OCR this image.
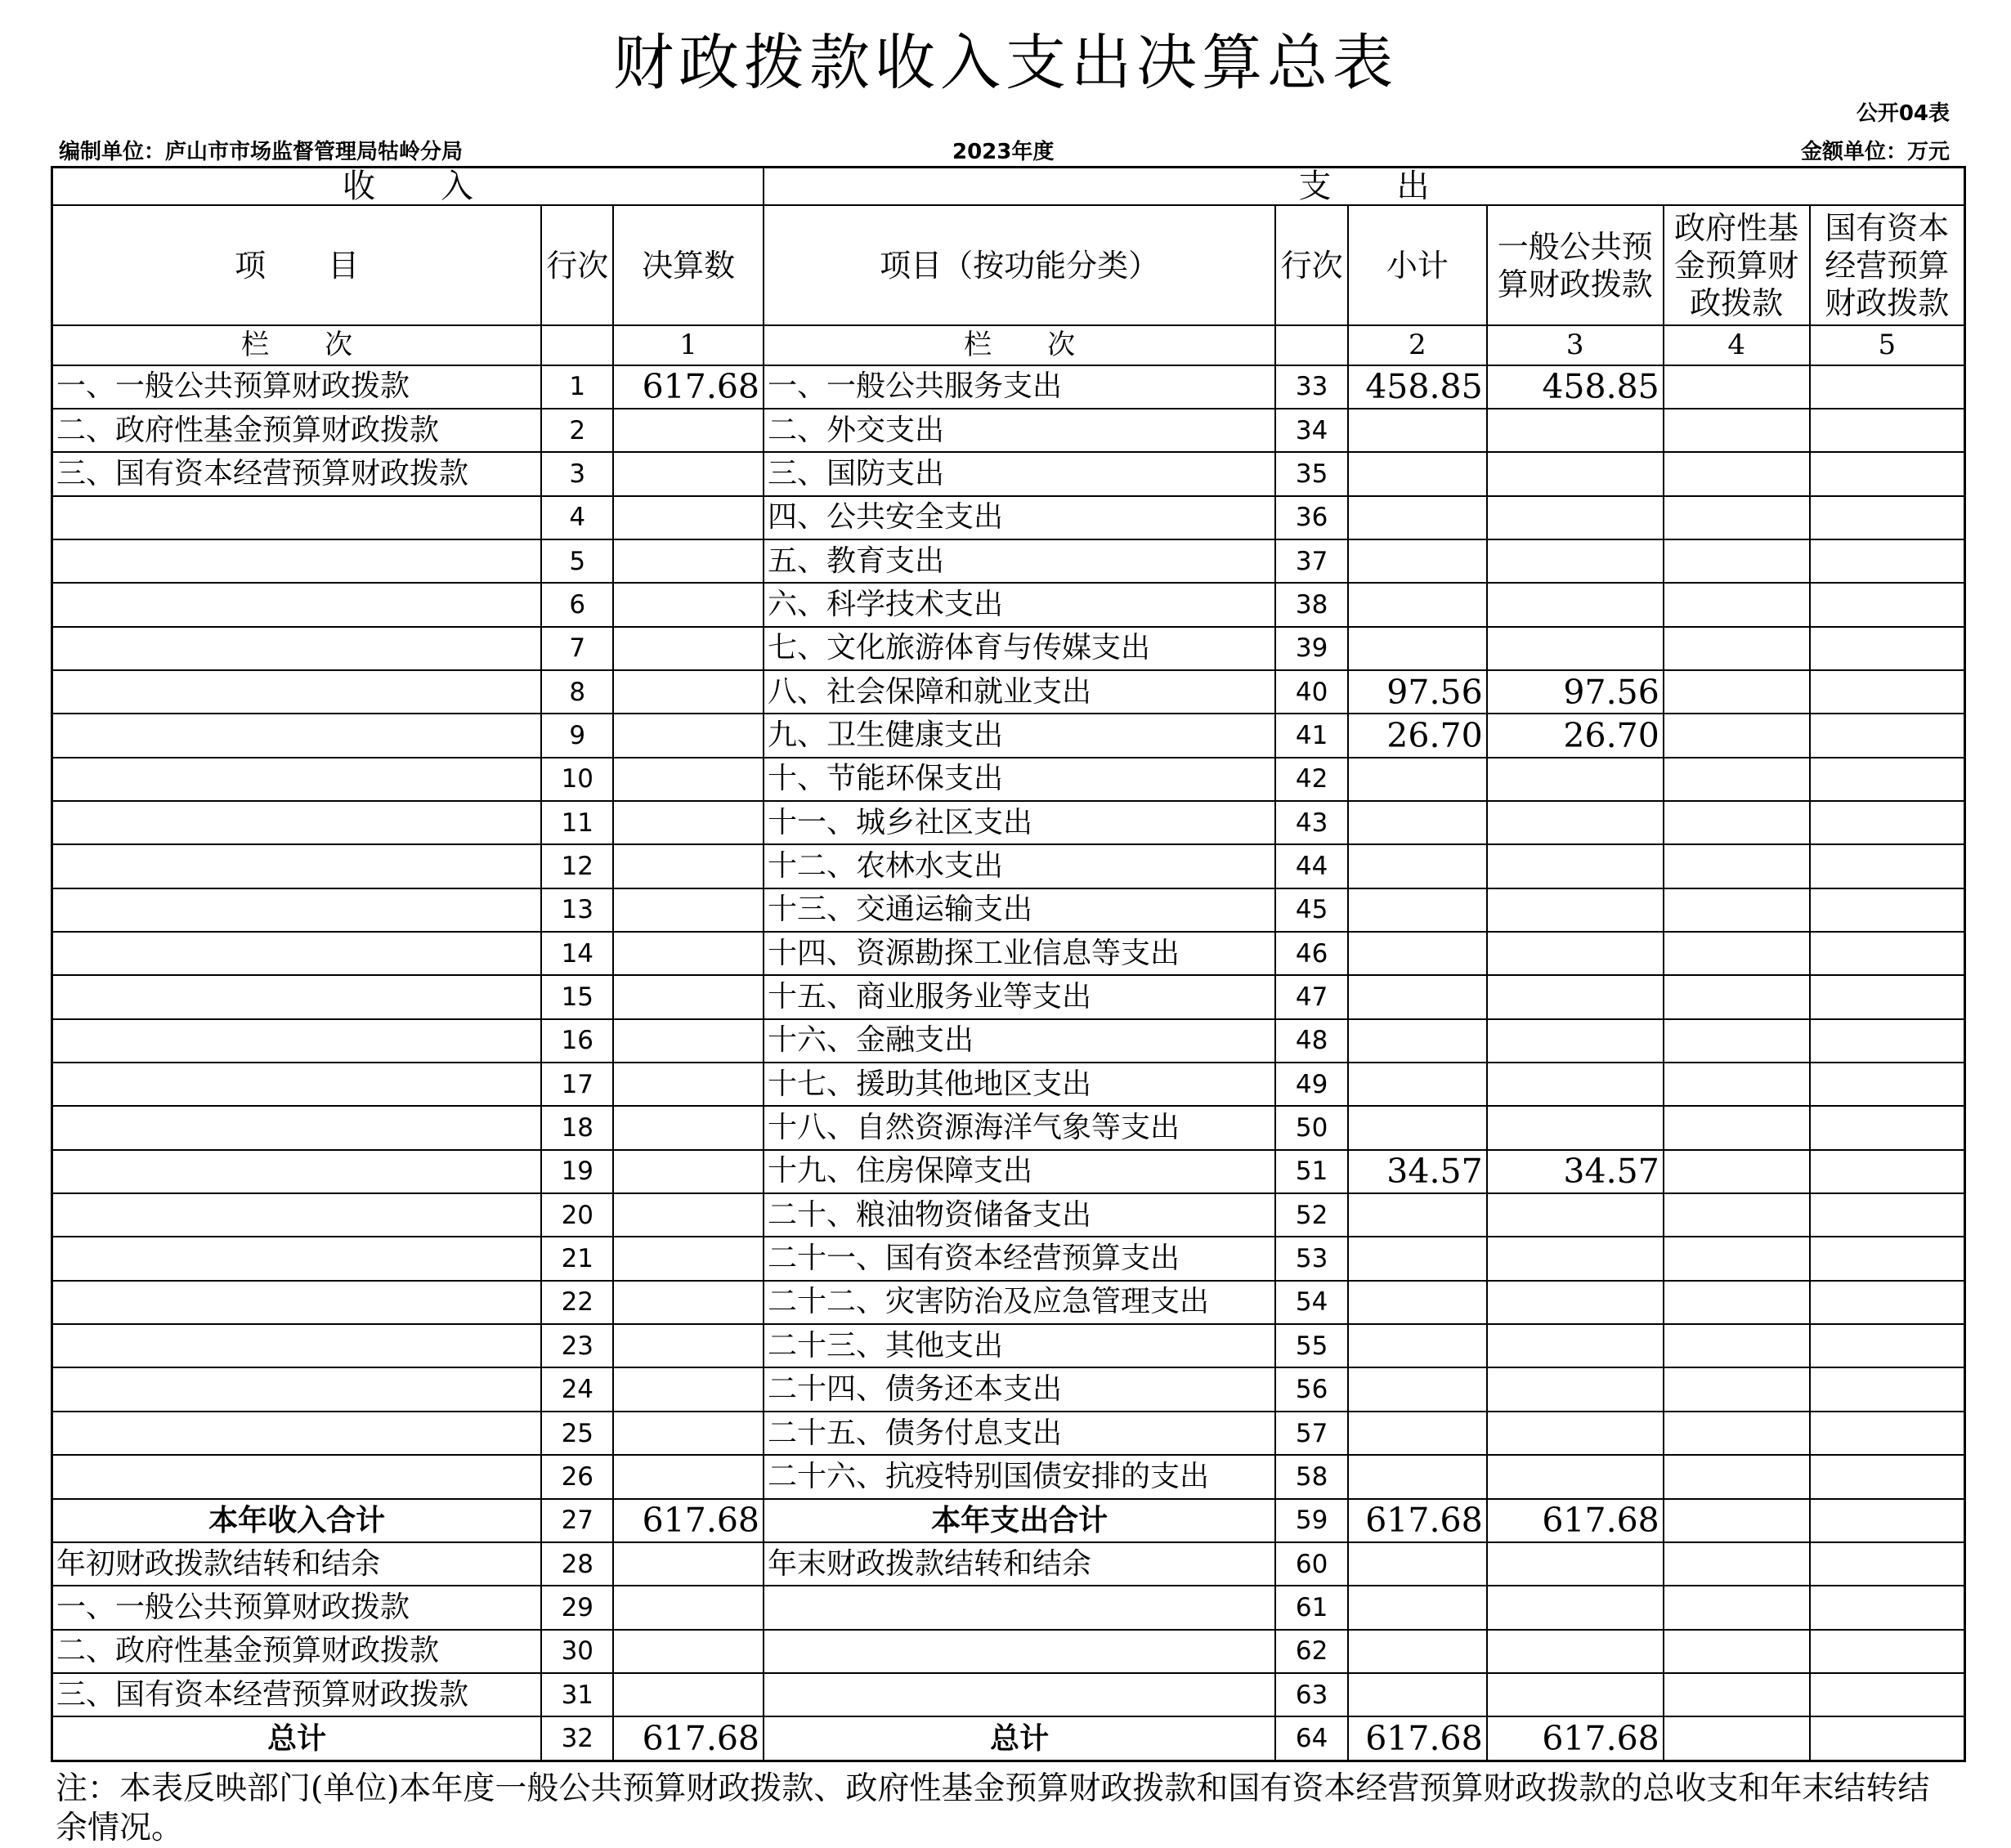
财政拨款收入支出决算总表
公开04表
编制单位：庐山市市场监督管理局牯岭分局	2023年度	金额单位：万元
收　　入			支　　出					
项　　目	行次	决算数	项目（按功能分类）	行次	小计	一般公共预算财政拨款	政府性基金预算财政拨款	国有资本经营预算财政拨款
栏　　次		1	栏　　次		2	3	4	5
一、一般公共预算财政拨款	1	617.68	一、一般公共服务支出	33	458.85	458.85		
二、政府性基金预算财政拨款	2		二、外交支出	34				
三、国有资本经营预算财政拨款	3		三、国防支出	35				
	4		四、公共安全支出	36				
	5		五、教育支出	37				
	6		六、科学技术支出	38				
	7		七、文化旅游体育与传媒支出	39				
	8		八、社会保障和就业支出	40	97.56	97.56		
	9		九、卫生健康支出	41	26.70	26.70		
	10		十、节能环保支出	42				
	11		十一、城乡社区支出	43				
	12		十二、农林水支出	44				
	13		十三、交通运输支出	45				
	14		十四、资源勘探工业信息等支出	46				
	15		十五、商业服务业等支出	47				
	16		十六、金融支出	48				
	17		十七、援助其他地区支出	49				
	18		十八、自然资源海洋气象等支出	50				
	19		十九、住房保障支出	51	34.57	34.57		
	20		二十、粮油物资储备支出	52				
	21		二十一、国有资本经营预算支出	53				
	22		二十二、灾害防治及应急管理支出	54				
	23		二十三、其他支出	55				
	24		二十四、债务还本支出	56				
	25		二十五、债务付息支出	57				
	26		二十六、抗疫特别国债安排的支出	58				
本年收入合计	27	617.68	本年支出合计	59	617.68	617.68		
年初财政拨款结转和结余	28		年末财政拨款结转和结余	60				
一、一般公共预算财政拨款	29			61				
二、政府性基金预算财政拨款	30			62				
三、国有资本经营预算财政拨款	31			63				
总计	32	617.68	总计	64	617.68	617.68		
注：本表反映部门(单位)本年度一般公共预算财政拨款、政府性基金预算财政拨款和国有资本经营预算财政拨款的总收支和年末结转结余情况。
